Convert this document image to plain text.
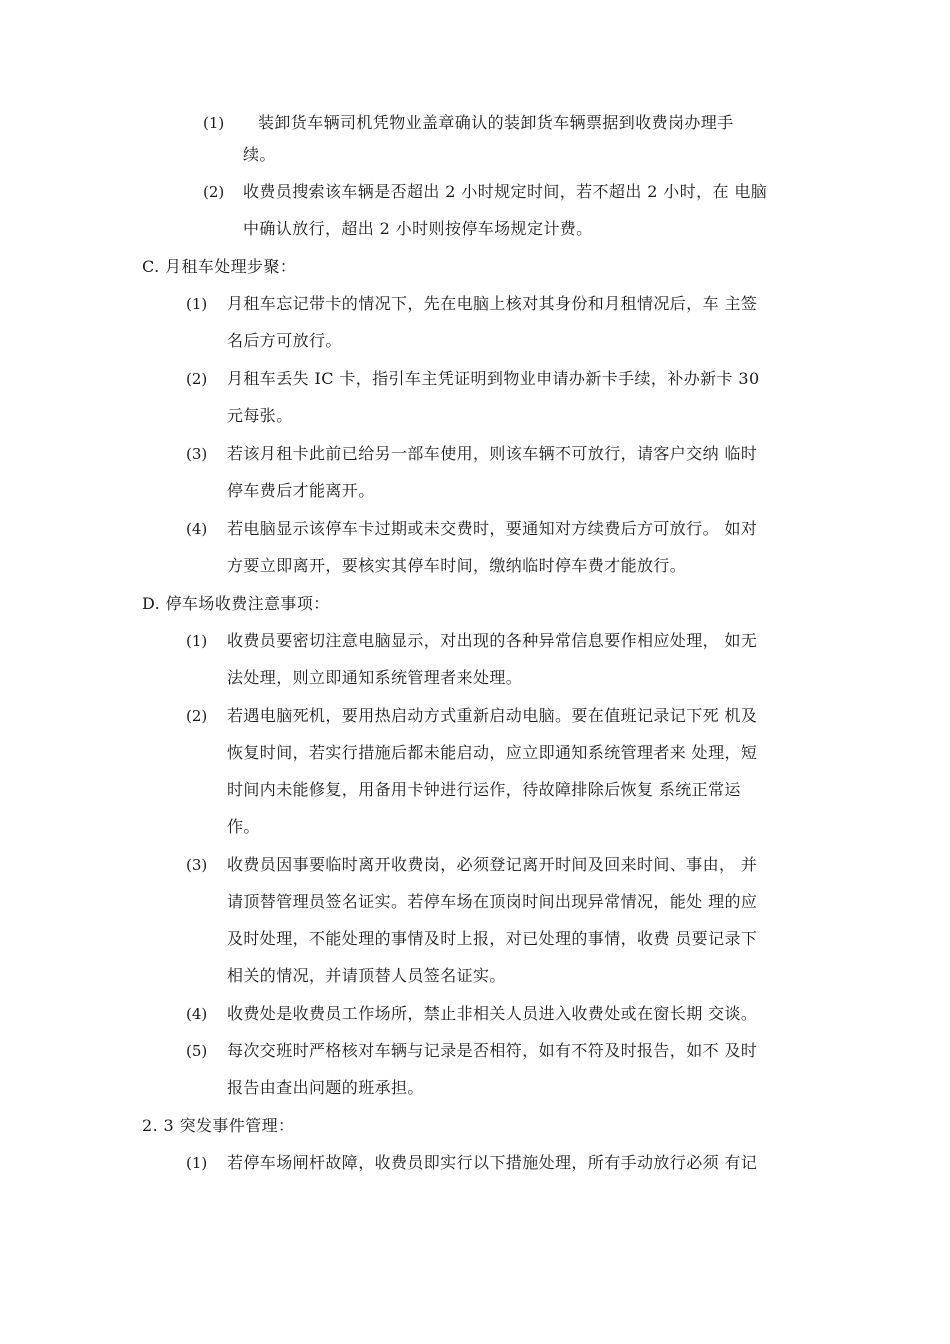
(1) 装卸货车辆司机凭物业盖章确认的装卸货车辆票据到收费岗办理手
续。
(2) 收费员搜索该车辆是否超出 2 小时规定时间，若不超出 2 小时，在 电脑
中确认放行，超出 2 小时则按停车场规定计费。
C. 月租车处理步聚：
(1) 月租车忘记带卡的情况下，先在电脑上核对其身份和月租情况后，车 主签
名后方可放行。
(2) 月租车丢失 IC 卡，指引车主凭证明到物业申请办新卡手续，补办新卡 30
元每张。
(3) 若该月租卡此前已给另一部车使用，则该车辆不可放行，请客户交纳 临时
停车费后才能离开。
(4) 若电脑显示该停车卡过期或未交费时，要通知对方续费后方可放行。 如对
方要立即离开，要核实其停车时间，缴纳临时停车费才能放行。
D. 停车场收费注意事项：
(1) 收费员要密切注意电脑显示，对出现的各种异常信息要作相应处理， 如无
法处理，则立即通知系统管理者来处理。
(2) 若遇电脑死机，要用热启动方式重新启动电脑。要在值班记录记下死 机及
恢复时间，若实行措施后都未能启动，应立即通知系统管理者来 处理，短
时间内未能修复，用备用卡钟进行运作，待故障排除后恢复 系统正常运
作。
(3) 收费员因事要临时离开收费岗，必须登记离开时间及回来时间、事由， 并
请顶替管理员签名证实。若停车场在顶岗时间出现异常情况，能处 理的应
及时处理，不能处理的事情及时上报，对已处理的事情，收费 员要记录下
相关的情况，并请顶替人员签名证实。
(4) 收费处是收费员工作场所，禁止非相关人员进入收费处或在窗长期 交谈。
(5) 每次交班时严格核对车辆与记录是否相符，如有不符及时报告，如不 及时
报告由查出问题的班承担。
2. 3 突发事件管理：
(1) 若停车场闸杆故障，收费员即实行以下措施处理，所有手动放行必须 有记
